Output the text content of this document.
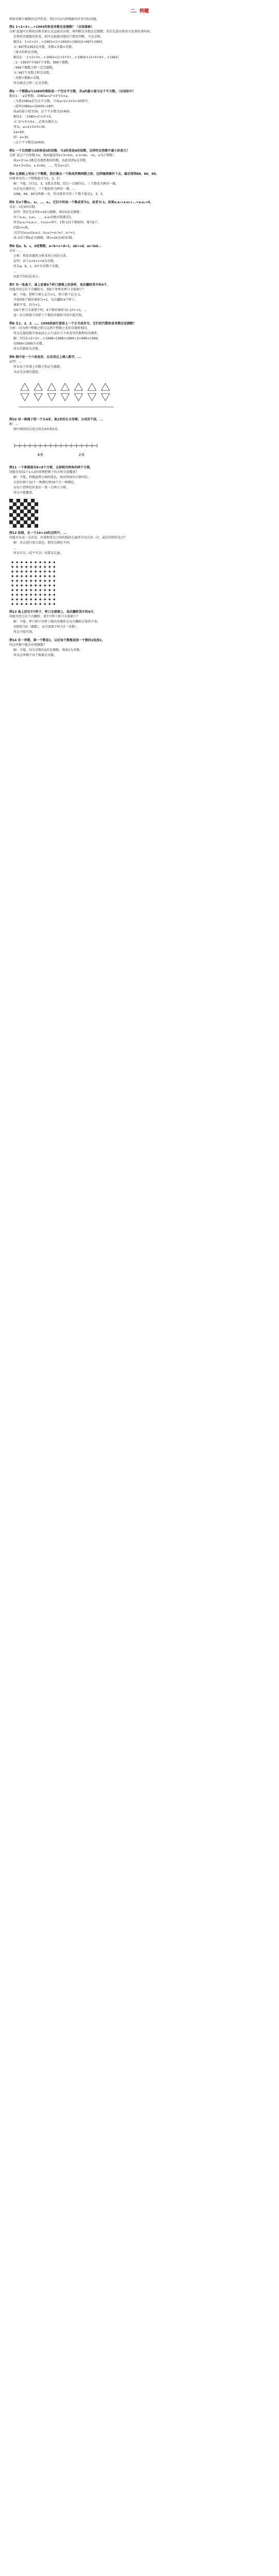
二、例题

利用奇数与偶数的这些性质，我们可以巧妙地解决许多实际问题。

例1 1+2+3+…+1993的和是奇数还是偶数？（全国基础）

分析 此题可以利用高斯求和公式直接求出和，再判断是奇数还是偶数。但若先算出和却又花费较多时间，

若利用奇偶数的性质，则可以根据奇数的个数来判断，不必求和。

解法1：1+2+3+…+1993=(1+1993)×1993/2=997×1993，

又∵997和1993是奇数，奇数×奇数=奇数，

∴原式的和是奇数。

解法2：∵1+2+3+…+1993=(1+3+5+…+1993)+(2+4+6+…+1992)

∴1～1993中有997个奇数，996个偶数，

∵996个偶数之和一定是偶数，

又∵997个奇数之和是奇数，

∴奇数+偶数=奇数，

所以原式之和一定是奇数。

例2 一个整数a与1080的乘积是一个完全平方数，求a的最小值与这个平方数。（全国初中）

解法1：∵a是整数，1080a=2³×3³×5×a，

∴为使1080a是完全平方数，只需a=2×3×5=30即可，

∴此时1080a=32400=180²，

故a的最小值为30，这个平方数为32400。

解法2：∵1080=2³×3³×5，

又∵2²×3²×5×... 必须为偶次方，

所以，a=2×3×5=30，

2a=60，

即：a=30，

∴这个平方数是32400。

例3 一个自然数与3的和是5的倍数，与3的差是6的倍数，这样的自然数中最小的是几？

分析 设这个自然数为x，则由题意得x+3=5m，x-3=6n，（m，n为正整数），

故x+3与x-3都是奇偶性相同的数，由此得到x是奇数，

由x+3=5m，x-3=6n，...，所以x=27。

例4 在黑板上写出三个整数，然后擦去一个换成所剩两数之和，这样继续操作下去，最后得到88，66，99。

问原来写的三个整数能否为1，3，5？

解：不能。因为1，3，5都是奇数，经过一次操作后，三个数变为两奇一偶，

以后每次操作后，三个数始终为两奇一偶，...

而88，66，99为两偶一奇，所以原来写的三个数不能是1，3，5。

例5 有n个数x₁，x₂，…，xₙ，它们中的每一个数或者为1，或者为-1。如果x₁x₂+x₂x₃+…+xₙx₁=0，

求证：n是4的倍数。

证明：我们先证明n=2k为偶数，再证k也是偶数。

由于x₁x₂，x₂x₃，…，xₙx₁的绝对值都是1，

所以x₁x₂+x₂x₃+…+xₙx₁=0中，1和-1的个数相同，都为k个，

因此n=2k。

又因为(x₁x₂)(x₂x₃)…(xₙx₁)=x₁²x₂²…xₙ²=1，

故-1的个数k必为偶数，即n=2k是4的倍数。

例6 设a，b，c，d是整数，a+b+c+d=1，ab+cd，ac+bd...

求证：...

分析：利用奇偶性分析各项之间的关系。

证明：由于a+b+c+d为奇数，

所以a，b，c，d中有奇数个奇数，

...

由此可知结论成立。

例7 有一张桌子，桌上放着6个杯口都朝上的茶杯，每次翻转其中的4个，

问能否经过若干次翻转后，使6个茶杯的杯口全部朝下？

解：不能。把杯口朝上记为+1，杯口朝下记为-1，

开始时6个数的乘积为+1，每次翻转4个杯子，

乘积不变，仍为+1，

而6个杯口全部朝下时，6个数的乘积为(-1)⁶=+1，...

进一步分析朝下的杯子个数的奇偶性可知不能实现。

例8 在1，2，3，…，1998前面任意添上一个正号或负号，它们的代数和是奇数还是偶数？

分析：因为两个整数之和与这两个整数之差的奇偶性相同，

所以在题设数字前面添上正号或负号不改变其代数和的奇偶性。

解：因为1+2+3+…+1998=1998×1999÷2=999×1999，

而999×1999为奇数，

所以代数和为奇数。

例9 图中是一个六角星形，在各顶点上填入数字，...

证明：...

所以每个位置上的数之和必为偶数，

从而无法满足题意。

例10 用一根绳子把一个长4米、宽2米的长方形框，分成若干段，...

解：...

图中两段的长度分别为4米和2米。

4米	2米

例11 一个象棋盘有8×8个方格，去掉相对两角的两个方格，

问能否用31个1×2的骨牌把剩下的方格全部覆盖？

解：不能。将棋盘黑白相间染色，相对两角的方格同色，

去掉后剩下32个一种颜色和30个另一种颜色，

而每个骨牌恰好盖住一黑一白两个方格，

所以不能覆盖。

例12 如图，在一个10×10的点阵中，...

问能否从某一点出发，沿着相邻点之间的线段走遍所有的点各一次，最后回到出发点？

解：对点进行黑白染色，相邻点颜色不同，

...

所以可以（或不可以）按要求走遍。

例13 桌上放有7只杯子，杯口全部朝上，每次翻转其中的4只，

问能否经过若干次翻转，使7只杯子杯口全部朝下？

解：不能。杯口朝下的杯子数的奇偶性在每次翻转后保持不变，

初始时为0（偶数），而全部朝下时为7（奇数），

所以不能实现。

例14 有一串数，第一个数是1，以后每个数都是前一个数的2倍加1，

问这串数中能否出现偶数？

解：不能。因为奇数的2倍是偶数，再加1为奇数，

所以这串数中每个数都是奇数。
